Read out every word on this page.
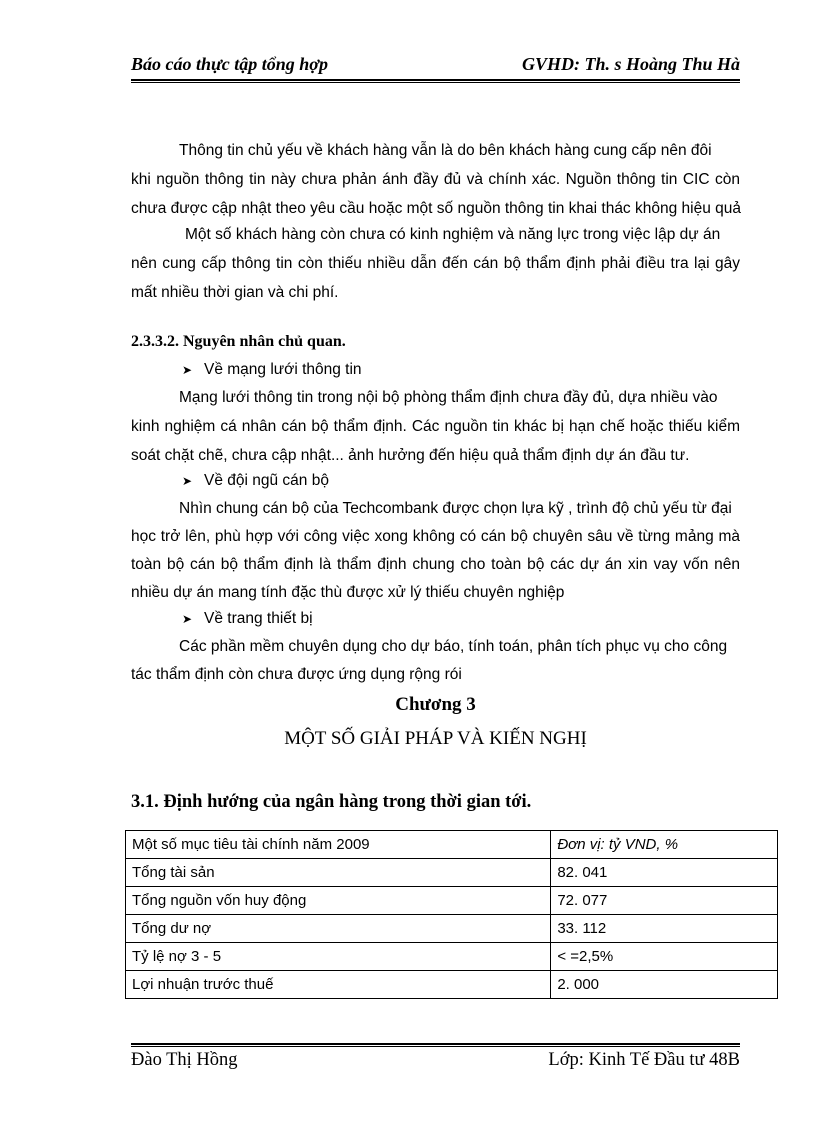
Báo cáo thực tập tổng hợp	GVHD: Th. s Hoàng Thu Hà
Thông tin chủ yếu về khách hàng vẫn là do bên khách hàng cung cấp nên đôi
khi nguồn thông tin này chưa phản ánh đầy đủ và chính xác. Nguồn thông tin CIC còn
chưa được cập nhật theo yêu cầu hoặc một số nguồn thông tin khai thác không hiệu quả
Một số khách hàng còn chưa có kinh nghiệm và năng lực trong việc lập dự án
nên cung cấp thông tin còn thiếu nhiều dẫn đến cán bộ thẩm định phải điều tra lại gây
mất nhiều thời gian và chi phí.
2.3.3.2. Nguyên nhân chủ quan.
➤ Về mạng lưới thông tin
Mạng lưới thông tin trong nội bộ phòng thẩm định chưa đầy đủ, dựa nhiều vào
kinh nghiệm cá nhân cán bộ thẩm định. Các nguồn tin khác bị hạn chế hoặc thiếu kiểm
soát chặt chẽ, chưa cập nhật... ảnh hưởng đến hiệu quả thẩm định dự án đầu tư.
➤ Về đội ngũ cán bộ
Nhìn chung cán bộ của Techcombank được chọn lựa kỹ , trình độ chủ yếu từ đại
học trở lên, phù hợp với công việc xong không có cán bộ chuyên sâu về từng mảng mà
toàn bộ cán bộ thẩm định là thẩm định chung cho toàn bộ các dự án xin vay vốn nên
nhiều dự án mang tính đặc thù được xử lý thiếu chuyên nghiệp
➤ Về trang thiết bị
Các phần mềm chuyên dụng cho dự báo, tính toán, phân tích phục vụ cho công
tác thẩm định còn chưa được ứng dụng rộng rói
Chương 3
MỘT SỐ GIẢI PHÁP VÀ KIẾN NGHỊ
3.1. Định hướng của ngân hàng trong thời gian tới.
Một số mục tiêu tài chính năm 2009	Đơn vị: tỷ VND, %
Tổng tài sản	82. 041
Tổng nguồn vốn huy động	72. 077
Tổng dư nợ	33. 112
Tỷ lệ nợ 3 - 5	< =2,5%
Lợi nhuận trước thuế	2. 000
Đào Thị Hồng	Lớp: Kinh Tế Đầu tư 48B
